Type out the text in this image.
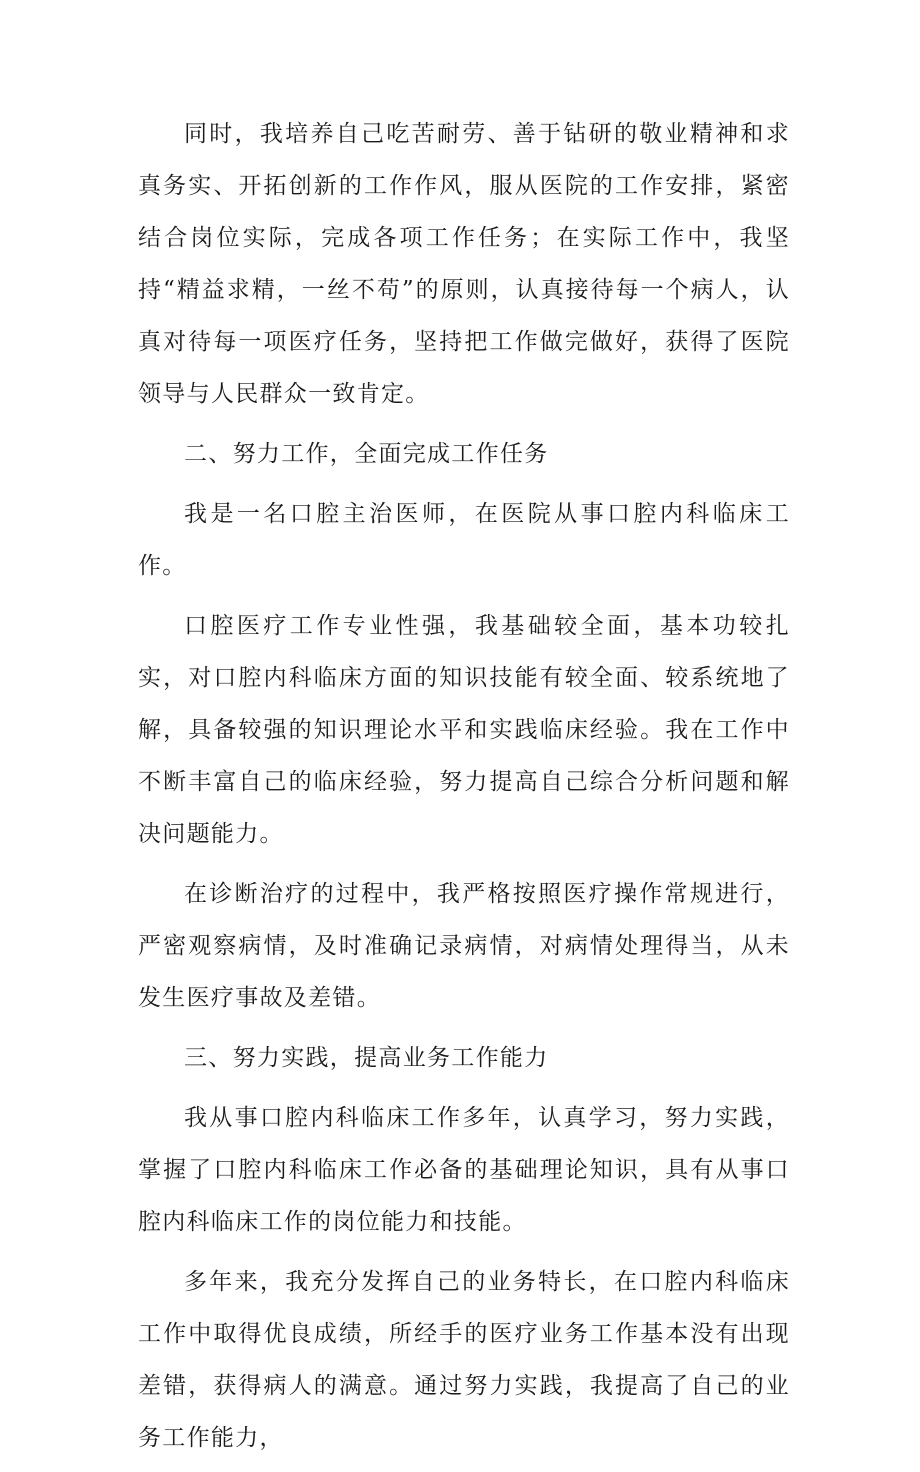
同时，我培养自己吃苦耐劳、善于钻研的敬业精神和求真务实、开拓创新的工作作风，服从医院的工作安排，紧密结合岗位实际，完成各项工作任务；在实际工作中，我坚持“精益求精，一丝不苟”的原则，认真接待每一个病人，认真对待每一项医疗任务，坚持把工作做完做好，获得了医院领导与人民群众一致肯定。

二、努力工作，全面完成工作任务

我是一名口腔主治医师，在医院从事口腔内科临床工作。

口腔医疗工作专业性强，我基础较全面，基本功较扎实，对口腔内科临床方面的知识技能有较全面、较系统地了解，具备较强的知识理论水平和实践临床经验。我在工作中不断丰富自己的临床经验，努力提高自己综合分析问题和解决问题能力。

在诊断治疗的过程中，我严格按照医疗操作常规进行，严密观察病情，及时准确记录病情，对病情处理得当，从未发生医疗事故及差错。

三、努力实践，提高业务工作能力

我从事口腔内科临床工作多年，认真学习，努力实践，掌握了口腔内科临床工作必备的基础理论知识，具有从事口腔内科临床工作的岗位能力和技能。

多年来，我充分发挥自己的业务特长，在口腔内科临床工作中取得优良成绩，所经手的医疗业务工作基本没有出现差错，获得病人的满意。通过努力实践，我提高了自己的业务工作能力，
